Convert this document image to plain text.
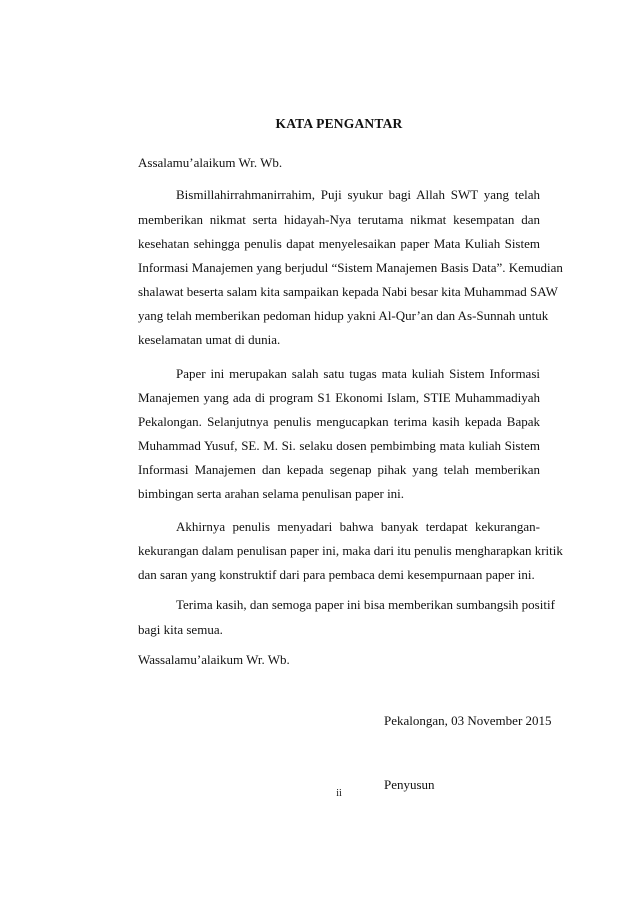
KATA PENGANTAR
Assalamu’alaikum Wr. Wb.
Bismillahirrahmanirrahim, Puji syukur bagi Allah SWT yang telah
memberikan nikmat serta hidayah-Nya terutama nikmat kesempatan dan
kesehatan sehingga penulis dapat menyelesaikan paper Mata Kuliah Sistem
Informasi Manajemen yang berjudul “Sistem Manajemen Basis Data”. Kemudian
shalawat beserta salam kita sampaikan kepada Nabi besar kita Muhammad SAW
yang telah memberikan pedoman hidup yakni Al-Qur’an dan As-Sunnah untuk
keselamatan umat di dunia.
Paper ini merupakan salah satu tugas mata kuliah Sistem Informasi
Manajemen yang ada di program S1 Ekonomi Islam, STIE Muhammadiyah
Pekalongan. Selanjutnya penulis mengucapkan terima kasih kepada Bapak
Muhammad Yusuf, SE. M. Si. selaku dosen pembimbing mata kuliah Sistem
Informasi Manajemen dan kepada segenap pihak yang telah memberikan
bimbingan serta arahan selama penulisan paper ini.
Akhirnya penulis menyadari bahwa banyak terdapat kekurangan-
kekurangan dalam penulisan paper ini, maka dari itu penulis mengharapkan kritik
dan saran yang konstruktif dari para pembaca demi kesempurnaan paper ini.
Terima kasih, dan semoga paper ini bisa memberikan sumbangsih positif
bagi kita semua.
Wassalamu’alaikum Wr. Wb.
Pekalongan, 03 November 2015
Penyusun
ii
